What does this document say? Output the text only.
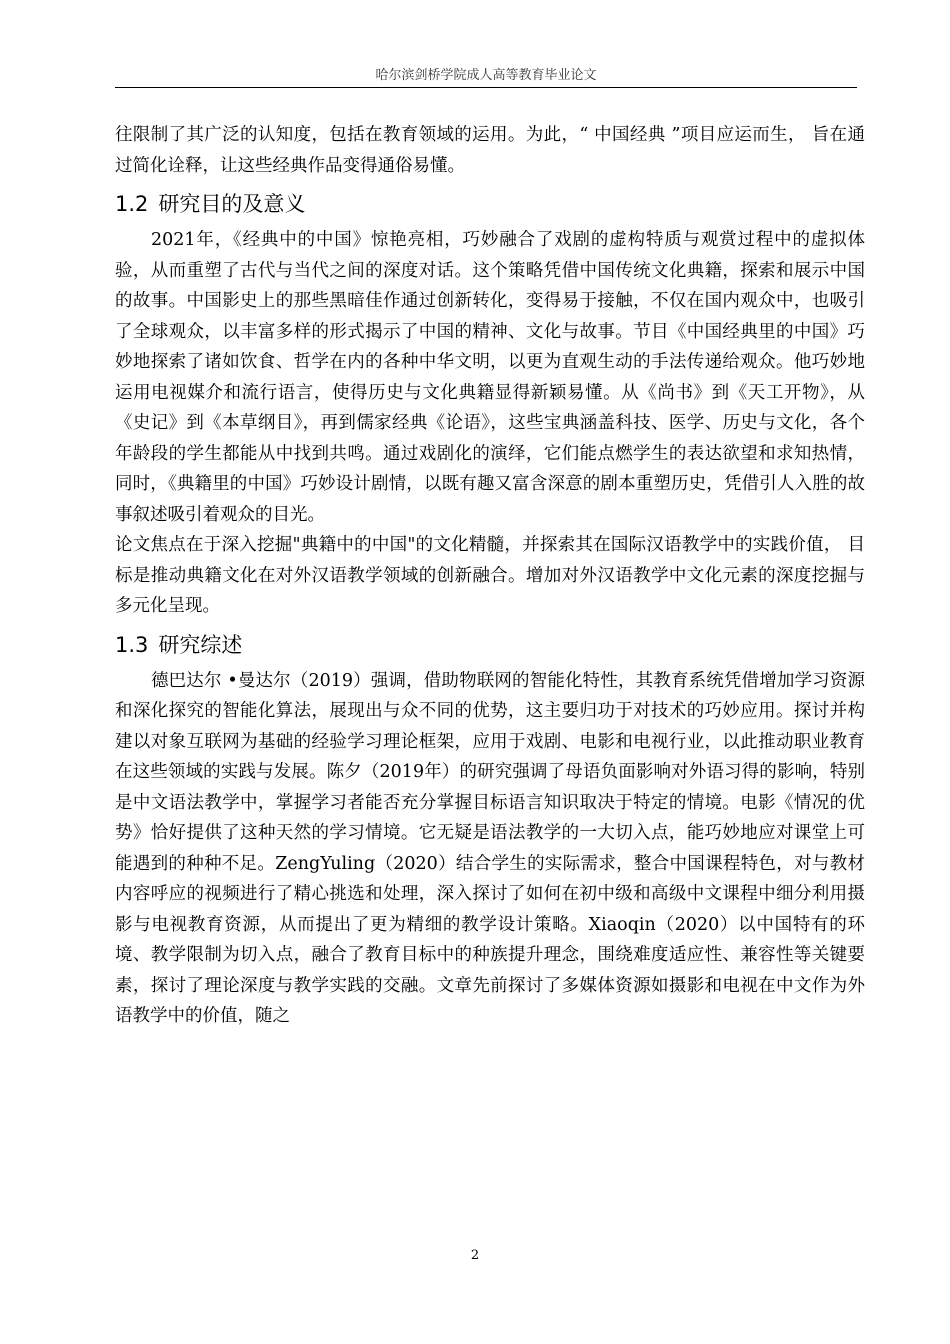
哈尔滨剑桥学院成人高等教育毕业论文

往限制了其广泛的认知度，包括在教育领域的运用。为此，“ 中国经典 ”项目应运而生， 旨在通过简化诠释，让这些经典作品变得通俗易懂。

1.2 研究目的及意义

2021年，《经典中的中国》惊艳亮相，巧妙融合了戏剧的虚构特质与观赏过程中的虚拟体验，从而重塑了古代与当代之间的深度对话。这个策略凭借中国传统文化典籍，探索和展示中国的故事。中国影史上的那些黑暗佳作通过创新转化，变得易于接触，不仅在国内观众中，也吸引了全球观众，以丰富多样的形式揭示了中国的精神、文化与故事。节目《中国经典里的中国》巧妙地探索了诸如饮食、哲学在内的各种中华文明，以更为直观生动的手法传递给观众。他巧妙地运用电视媒介和流行语言，使得历史与文化典籍显得新颖易懂。从《尚书》到《天工开物》，从《史记》到《本草纲目》，再到儒家经典《论语》，这些宝典涵盖科技、医学、历史与文化，各个年龄段的学生都能从中找到共鸣。通过戏剧化的演绎，它们能点燃学生的表达欲望和求知热情，同时，《典籍里的中国》巧妙设计剧情，以既有趣又富含深意的剧本重塑历史，凭借引人入胜的故事叙述吸引着观众的目光。

论文焦点在于深入挖掘"典籍中的中国"的文化精髓，并探索其在国际汉语教学中的实践价值， 目标是推动典籍文化在对外汉语教学领域的创新融合。增加对外汉语教学中文化元素的深度挖掘与多元化呈现。

1.3 研究综述

德巴达尔 •曼达尔（2019）强调，借助物联网的智能化特性，其教育系统凭借增加学习资源和深化探究的智能化算法，展现出与众不同的优势，这主要归功于对技术的巧妙应用。探讨并构建以对象互联网为基础的经验学习理论框架，应用于戏剧、电影和电视行业，以此推动职业教育在这些领域的实践与发展。陈夕（2019年）的研究强调了母语负面影响对外语习得的影响，特别是中文语法教学中，掌握学习者能否充分掌握目标语言知识取决于特定的情境。电影《情况的优势》恰好提供了这种天然的学习情境。它无疑是语法教学的一大切入点，能巧妙地应对课堂上可能遇到的种种不足。ZengYuling（2020）结合学生的实际需求，整合中国课程特色，对与教材内容呼应的视频进行了精心挑选和处理，深入探讨了如何在初中级和高级中文课程中细分利用摄影与电视教育资源，从而提出了更为精细的教学设计策略。Xiaoqin（2020）以中国特有的环境、教学限制为切入点，融合了教育目标中的种族提升理念，围绕难度适应性、兼容性等关键要素，探讨了理论深度与教学实践的交融。文章先前探讨了多媒体资源如摄影和电视在中文作为外语教学中的价值，随之

2
